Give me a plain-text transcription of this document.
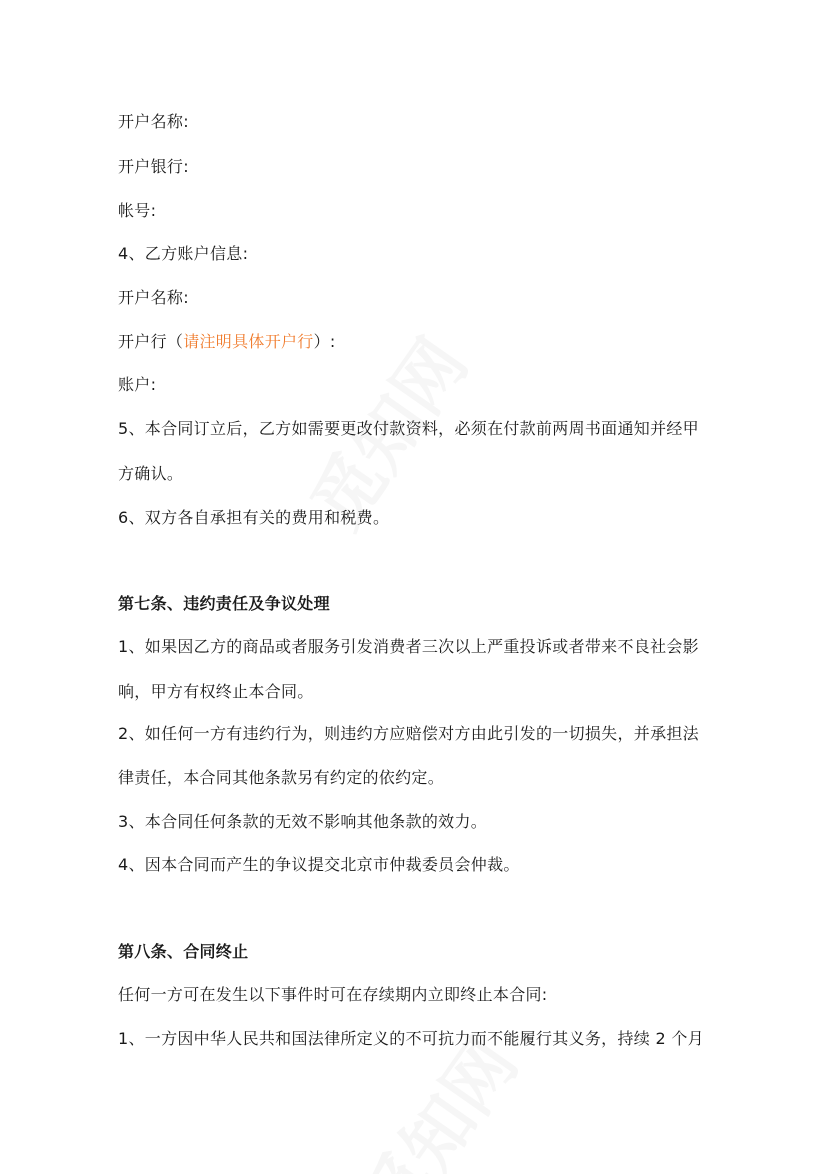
开户名称:
开户银行:
帐号:
4、乙方账户信息:
开户名称:
开户行（请注明具体开户行）:
账户:
5、本合同订立后，乙方如需要更改付款资料，必须在付款前两周书面通知并经甲
方确认。
6、双方各自承担有关的费用和税费。
第七条、违约责任及争议处理
1、如果因乙方的商品或者服务引发消费者三次以上严重投诉或者带来不良社会影
响，甲方有权终止本合同。
2、如任何一方有违约行为，则违约方应赔偿对方由此引发的一切损失，并承担法
律责任，本合同其他条款另有约定的依约定。
3、本合同任何条款的无效不影响其他条款的效力。
4、因本合同而产生的争议提交北京市仲裁委员会仲裁。
第八条、合同终止
任何一方可在发生以下事件时可在存续期内立即终止本合同:
1、一方因中华人民共和国法律所定义的不可抗力而不能履行其义务，持续 2 个月
